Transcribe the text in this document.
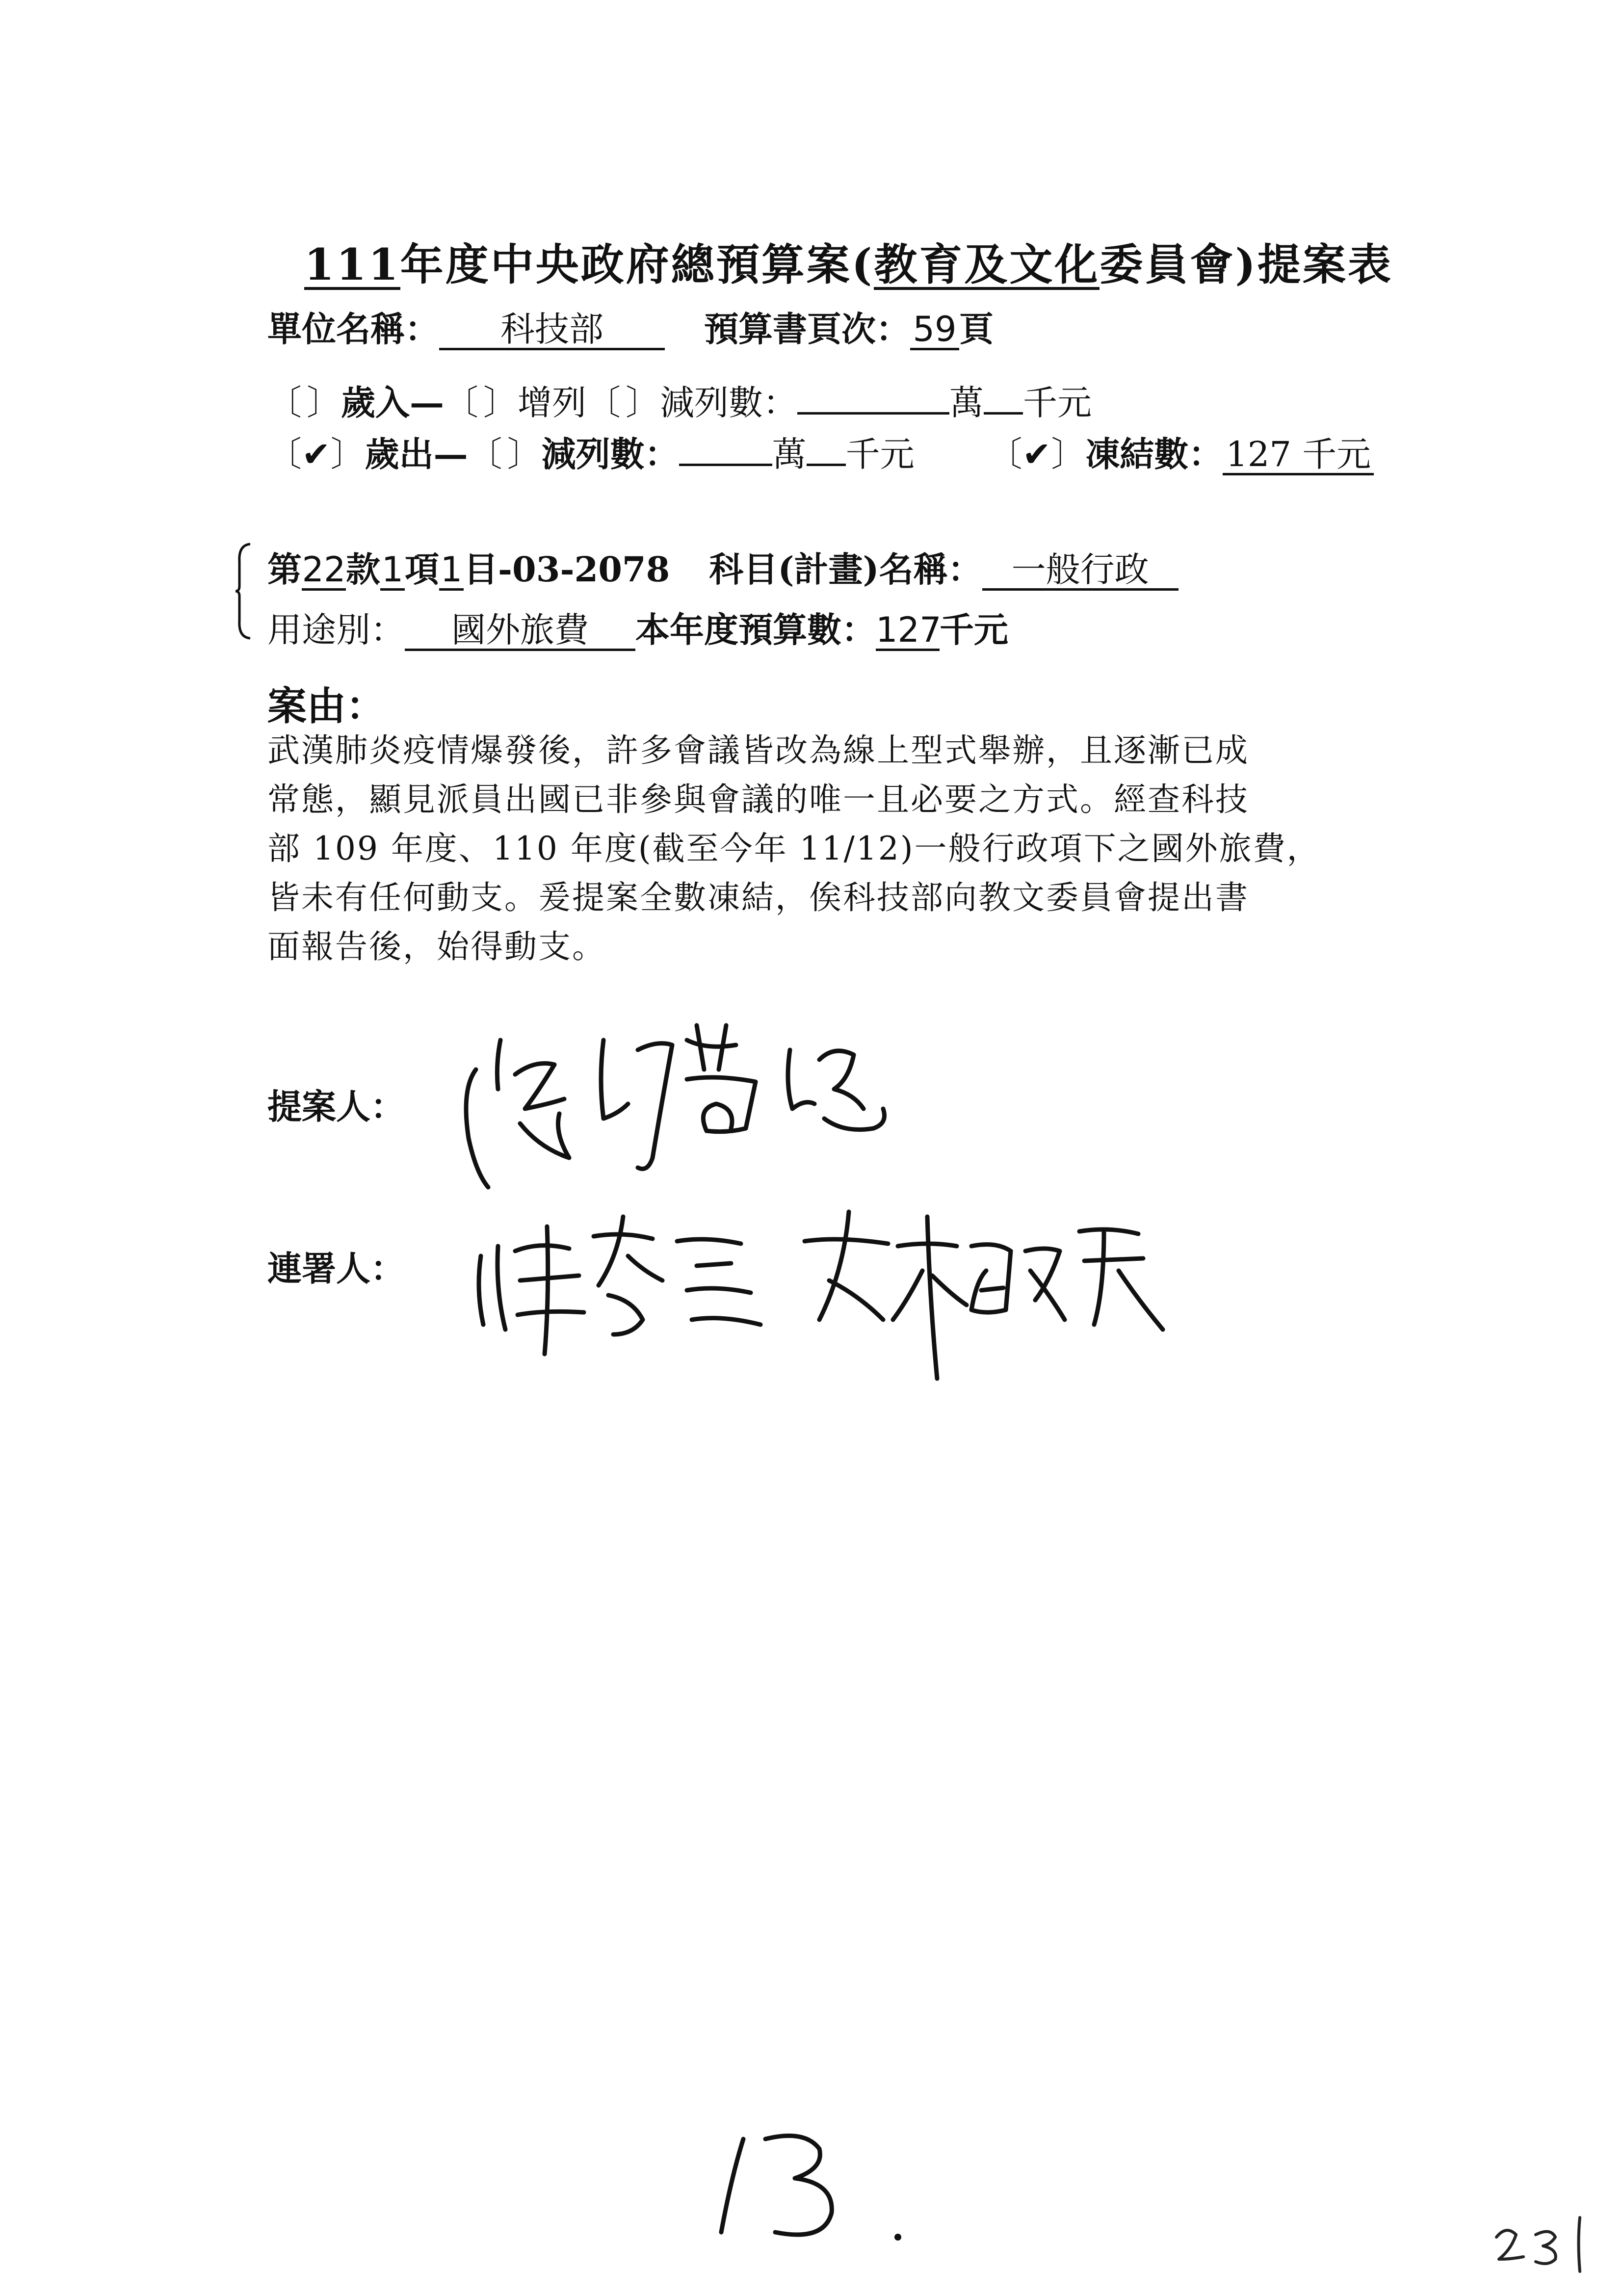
111年度中央政府總預算案(教育及文化委員會)提案表
單位名稱： 科技部	預算書頁次：59頁
〔 〕歲入—〔 〕增列〔 〕減列數：	萬 千元
〔✔〕歲出—〔 〕減列數：	萬 千元 〔✔〕凍結數：127 千元
第22款1項1目-03-2078 科目(計畫)名稱： 一般行政
用途別： 國外旅費 本年度預算數：127千元
案由：
武漢肺炎疫情爆發後，許多會議皆改為線上型式舉辦，且逐漸已成
常態，顯見派員出國已非參與會議的唯一且必要之方式。經查科技
部 109 年度、110 年度(截至今年 11/12)一般行政項下之國外旅費，
皆未有任何動支。爰提案全數凍結，俟科技部向教文委員會提出書
面報告後，始得動支。
提案人：
連署人：
